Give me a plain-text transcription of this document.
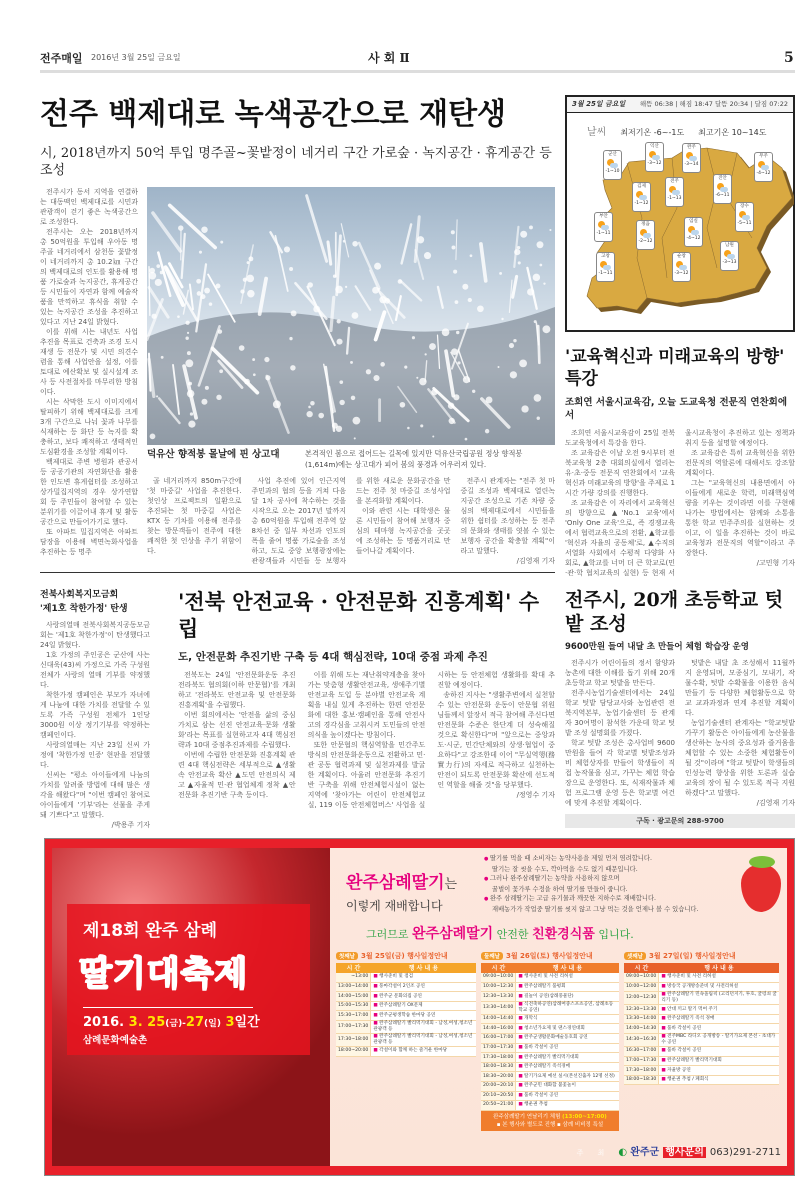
전주매일 2016년 3월 25일 금요일	사 회 Ⅱ	5
전주 백제대로 녹색공간으로 재탄생
시, 2018년까지 50억 투입 명주골~꽃밭정이 네거리 구간 가로숲 · 녹지공간 · 휴게공간 등 조성

전주시가 동서 지역을 연결하는 대동맥인 백제대로를 시민과 관광객이 걷기 좋은 녹색공간으로 조성한다.

전주시는 오는 2018년까지 총 50억원을 투입해 우아동 명주골 네거리에서 삼천동 꽃밭정이 네거리까지 총 10.2㎞ 구간의 백제대로의 인도를 활용해 명품 가로숲과 녹지공간, 휴게공간 등 시민들이 자연과 함께 예술작품을 만끽하고 휴식을 취할 수 있는 녹지공간 조성을 추진하고 있다고 지난 24일 밝혔다.

이를 위해 시는 내년도 사업 추진을 목표로 건축과 조경 도시재생 등 전문가 및 시민 의견수렴을 통해 사업안을 설정, 이를 토대로 예산확보 및 실시설계 조사 등 사전절차를 마무리한 방침이다.

시는 삭막한 도시 이미지에서 탈피하기 위해 백제대로를 크게 3개 구간으로 나눠 꽃과 나무를 식재하는 등 화단 등 녹지를 확충하고, 보다 쾌적하고 생태적인 도심환경을 조성할 계획이다.

백제대로 주변 병원과 관공서 등 공공기관의 자연화단을 활용한 인도변 휴게쉼터를 조성하고 상가밀집지역의 경우 상가연합회 등 주민들이 참여할 수 있는 분위기를 이끌어내 휴게 및 활동공간으로 만들어가기로 했다.

또 아파트 밀집지역은 아파트 담장을 이용해 벽면녹화사업을 추진하는 등 명주

덕유산 향적봉 몰날에 핀 상고대	본격적인 봄으로 접어드는 길목에 있지만 덕유산국립공원 정상 향적봉(1,614m)에는 상고대가 피어 봄의 풍경과 어우러져 있다.

골 네거리까지 850m구간에 '첫 마중길' 사업을 추진한다. 첫인상 프로젝트의 일환으로 추진되는 첫 마중길 사업은 KTX 등 기차를 이용해 전주를 찾는 방문객들이 전주에 대한 쾌적한 첫 인상을 주기 위함이다.

사업 추진에 있어 인근지역 주민과의 협의 등을 거쳐 다음달 1차 공사에 착수하는 것을 시작으로 오는 2017년 말까지 총 60억원을 투입해 전주역 앞 8차선 중 일부 차선과 인도의 폭을 줄여 명품 가로숲을 조성하고, 도로 중앙 보행광장에는 관광객들과 시민들 등 보행자를 위한 새로운 문화공간을 만드는 전주 첫 마중길 조성사업을 본격화할 계획이다.

이와 관련 시는 대학생은 물론 시민들이 참여해 보행자 중심의 테마형 녹지공간을 곳곳에 조성하는 등 명품거리로 만들어나갈 계획이다.

전주시 관계자는 "전주 첫 마중길 조성과 백제대로 열린녹지공간 조성으로 기존 차량 중심의 백제대로에서 시민들을 위한 쉼터를 조성하는 등 전주의 문화와 생태를 엿볼 수 있는 보행자 공간을 확충할 계획"이라고 말했다.

/김영재 기자

3월 25일 금요일 해뜸 06:38 | 해짐 18:47 달뜸 20:34 | 달짐 07:22
날씨 최저기온 -6~-1도 최고기온 10~14도
군산
-1~10
익산
-3~12
완주
-3~14
무주
-4~12
김제
-1~12
전주
-1~13
진안
-6~11
부안
-1~11
정읍
-2~12
임실
-4~12
장수
-5~11
고창
-1~11
순창
-3~12
남원
-3~13
'교육혁신과 미래교육의 방향' 특강
조희연 서울시교육감, 오늘 도교육청 전문직 연찬회에서

조희연 서울시교육감이 25일 전북도교육청에서 특강을 한다.

조 교육감은 이날 오전 9시부터 전북교육청 2층 대회의실에서 열리는 유·초·중등 전문직 연찬회에서 '교육혁신과 미래교육의 방향'을 주제로 1시간 가량 강의를 진행한다.

조 교육감은 이 자리에서 교육혁신의 방향으로 ▲'No.1 교육'에서 'Only One 교육'으로, 즉 경쟁교육에서 협력교육으로의 전환, ▲학교를 '혁신과 자율의 공동체'로, ▲수직의 서열화 사회에서 수평적 다양화 사회로, ▲학교를 너머 더 큰 학교로(민·관·학 협치교육의 실현) 등 현재 서울시교육청이 추진하고 있는 정책과 취지 등을 설명할 예정이다.

조 교육감은 특히 교육혁신을 위한 전문직의 역할론에 대해서도 강조할 계획이다.

그는 "교육혁신의 내용면에서 아이들에게 새로운 학력, 미래핵심역량을 키우는 것이라면 이를 구현해 나가는 방법에서는 함께와 소통을 통한 학교 민주주의를 실현하는 것이고, 이 일을 추진하는 것이 바로 교육청과 전문직의 역할"이라고 주장한다.

/고민형 기자

전북사회복지모금회
'제1호 착한가정' 탄생

사랑의열매 전북사회복지공동모금회는 '제1호 착한가정'이 탄생했다고 24일 밝혔다.

1호 가정의 주인공은 군산에 사는 신대욱(43)씨 가정으로 가족 구성원 전체가 사랑의 열매 기부를 약정했다.

착한가정 캠페인은 부모가 자녀에게 나눔에 대한 가치를 전달할 수 있도록 가족 구성원 전체가 1인당 3000원 이상 정기기부를 약정하는 캠페인이다.

사랑의열매는 지난 23일 신씨 가정에 '착한가정 인증' 현판을 전달했다.

신씨는 "평소 아이들에게 나눔의 가치를 알려줄 방법에 대해 많은 생각을 해왔다"며 "이번 캠페인 참여로 아이들에게 '기부'라는 선물을 주게 돼 기쁘다"고 말했다.

/박용주 기자

'전북 안전교육 · 안전문화 진흥계획' 수립
도, 안전문화 추진기반 구축 등 4대 핵심전략, 10대 중점 과제 추진

전북도는 24일 '안전문화운동 추진 전라북도 협의회(이하 안문협)'를 개최하고 '전라북도 안전교육 및 안전문화 진흥계획'을 수립했다.

이번 회의에서는 '안전을 삶의 중심 가치로 삼는 선진 안전교육·문화 생활화'라는 목표를 실현하고자 4대 핵심전략과 10대 중점추진과제를 수립했다.

이번에 수립한 안전문화 진흥계획 관련 4대 핵심전략은 세부적으로 ▲생활 속 안전교육 확산 ▲도민 안전의식 제고 ▲자율적 민·관 협업체계 정착 ▲안전문화 추진기반 구축 등이다.

이를 위해 도는 재난취약계층을 찾아가는 맞춤형 생활안전교육, 생애주기별 안전교육 도입 등 분야별 안전교육 계획을 내실 있게 추진하는 한편 안전문화에 대한 홍보·캠페인을 통해 안전사고의 경각심을 고취시켜 도민들의 안전의식을 높이겠다는 방침이다.

또한 안문협의 핵심역할을 민간주도 방식의 안전문화운동으로 전환하고 민·관 공동 협력과제 및 실천과제를 발굴한 계획이다. 아울러 안전문화 추진기반 구축을 위해 안전체험시설이 없는 지역에 '찾아가는 어린이 안전체험교실, 119 이동 안전체험버스' 사업을 실시하는 등 안전체험 생활화를 확대 추진할 예정이다.

송하진 지사는 "생활주변에서 실천할 수 있는 안전문화 운동이 안문협 위원님들께서 앞장서 적극 참여해 주신다면 안전문화 수준은 한단계 더 성숙해질 것으로 확신한다"며 "앞으로는 중앙과 도·시군, 민간단체와의 상생·협업이 중요하다"고 강조한데 이어 "무실역행(務實力行)의 자세로 적극하고 실천하는 안전이 되도록 안전문화 확산에 선도적인 역할을 해줄 것"을 당부했다.

/정영수 기자

전주시, 20개 초등학교 텃밭 조성
9600만원 들여 내달 초 만들어 체험 학습장 운영

전주시가 어린이들의 정서 함양과 농촌에 대한 이해를 돕기 위해 20개 초등학교 학교 텃밭을 만든다.

전주시농업기술센터에서는 24일 학교 텃밭 담당교사와 농업관련 전북지역본부, 농업기술센터 등 관계자 30여명이 참석한 가운데 학교 텃밭 조성 설명회를 가졌다.

학교 텃밭 조성은 총사업비 9600만원을 들여 각 학교별 텃밭조성과 비 체험상자를 만들어 학생들이 직접 농작물을 심고, 가꾸는 체험 학습장으로 운영한다. 또, 식재작물과 체험 프로그램 운영 등은 학교별 여건에 맞게 추진할 계획이다.

텃밭은 내달 초 조성해서 11월까지 운영되며, 모종심기, 모내기, 작물수확, 텃밭 수확물을 이용한 음식 만들기 등 다양한 체험활동으로 학교 교과과정과 연계 추진할 계획이다.

농업기술센터 관계자는 "학교텃밭 가꾸기 활동은 아이들에게 농산물을 생산하는 농사의 중요성과 즐거움을 체험할 수 있는 소중한 체험활동이 될 것"이라며 "학교 텃밭이 학생들의 인성능력 향상을 위한 도론과 실습교육의 장이 될 수 있도록 적극 지원하겠다"고 말했다.

/김영재 기자

구독 · 광고문의 288-9700
제18회 완주 삼례
딸기대축제
2016. 3. 25(금)-27(일) 3일간
삼례문화예술촌
완주삼례딸기는
이렇게 재배합니다
● 딸기를 먹을 때 소비자는 농약사용을 제일 먼저 염려합니다.
딸기는 잘 씻을 수도, 깍아먹을 수도 없기 때문입니다.
● 그러나 완주삼례딸기는 농약을 사용하지 않으며
꿀벌이 꽃가루 수정을 하여 딸기를 만들어 줍니다.
● 완주 삼례딸기는 고급 유기물과 깨끗한 지하수로 재배합니다.
재배농가가 작업중 딸기를 씻지 않고 그냥 먹는 것을 언제나 볼 수 있습니다.
그러므로 완주삼례딸기 안전한 친환경식품 입니다.
첫째날 3월 25일(금) 행사일정안내
시 간	행 사 내 용
~13:00	■ 행사준비 및 점검
13:00~14:00	■ 풍마각설이 2인조 공연
14:00~15:00	■ 완주군 문화의집 공연
15:00~15:30	■ 완주삼례딸기 OX문제
15:30~17:00	■ 완주군평생학습 한마당 공연
17:00~17:30	■ 완주삼례딸기 빨리먹기대회 - 남성,여성,청소년관광객 등
17:30~18:00	■ 완주삼례딸기 빨리먹기대회 - 남성,여성,청소년관광객 등
18:00~20:00	■ 각설이와 함께 하는 즐거운 한마당
둘째날 3월 26일(토) 행사일정안내
시 간	행 사 내 용
09:00~10:00	■ 행사준비 및 사전 리허설
10:00~12:30	■ 완주삼례딸기 품평회
12:30~13:30	■ 길놀이 공연(삼례풍물단)
13:30~14:00	■ 식전축하공연(삼례여중스포츠공연, 삼례초등학교 공연)
14:00~14:40	■ 개막식
14:40~16:00	■ 청소년가요제 및 댄스경연대회
16:00~17:00	■ 완주군생활문화예술동호회 공연
17:00~17:30	■ 품바 각설이 공연
17:30~18:00	■ 완주삼례딸기 빨리먹기대회
18:00~18:30	■ 완주삼례딸기 즉석경매
18:30~20:00	■ 딸기가요제 예선 실시(본선진출자 12명 선정)
20:00~20:10	■ 완주군민 대화합 불꽃놀이
20:10~20:50	■ 품바 각설이 공연
20:50~21:00	■ 행운권 추첨
완주삼례딸기 연날리기 체험 (13:00~17:00)
▪ 본 행사와 별도로 진행 ▪ 삼례 비비정 특설
셋째날 3월 27일(일) 행사일정안내
시 간	행 사 내 용
09:00~10:00	■ 행사준비 및 사전 리허설
10:00~12:00	■ 방송국 공개방송준비 및 사전리허설
12:00~12:30	■ 완주삼례딸기 민속올림픽 (고리던지기, 투호, 굴렁쇠 굴리기 등)
12:30~13:30	■ 안대 끼고 딸기 먹여 주기
13:30~14:00	■ 완주삼례딸기 즉석 경매
14:00~14:30	■ 품바 각설이 공연
14:30~16:30	■ 전주MBC 라디오 공개방송 - 딸기가요제 본선 - 초대가수 공연
16:30~17:00	■ 품바 각설이 공연
17:00~17:30	■ 완주삼례딸기 빨리먹기대회
17:30~18:00	■ 자율방 공연
18:00~18:30	■ 행운권 추첨 / 폐회식
주 최 ◐ 완주군 행사문의 063)291-2711
